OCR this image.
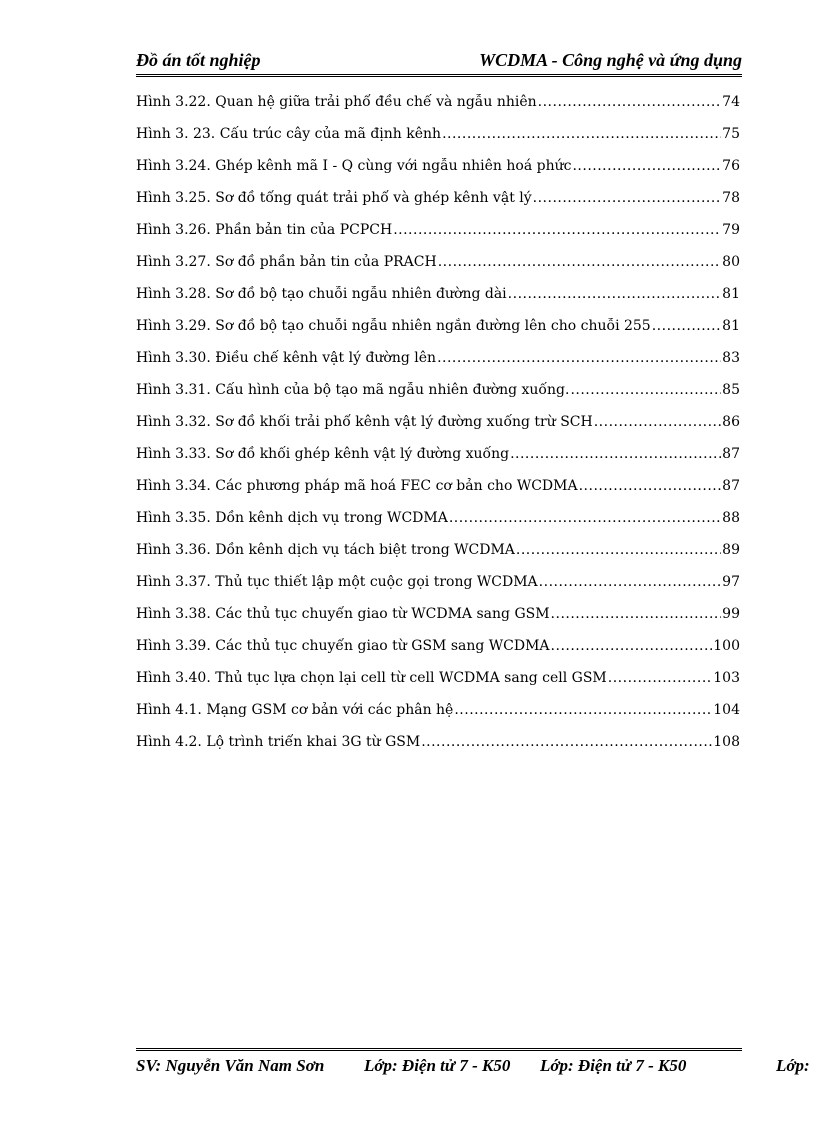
Đồ án tốt nghiệp	WCDMA - Công nghệ và ứng dụng
Hình 3.22. Quan hệ giữa trải phổ đều chế và ngẫu nhiên .....	74
Hình 3. 23. Cấu trúc cây của mã định kênh .....	75
Hình 3.24. Ghép kênh mã I - Q cùng với ngẫu nhiên hoá phức .....	76
Hình 3.25. Sơ đồ tổng quát trải phổ và ghép kênh vật lý .....	78
Hình 3.26. Phần bản tin của PCPCH .....	79
Hình 3.27. Sơ đồ phần bản tin của PRACH .....	80
Hình 3.28. Sơ đồ bộ tạo chuỗi ngẫu nhiên đường dài .....	81
Hình 3.29. Sơ đồ bộ tạo chuỗi ngẫu nhiên ngắn đường lên cho chuỗi 255 .....	81
Hình 3.30. Điều chế kênh vật lý đường lên .....	83
Hình 3.31. Cấu hình của bộ tạo mã ngẫu nhiên đường xuống. .....	85
Hình 3.32. Sơ đồ khối trải phổ kênh vật lý đường xuống trừ SCH .....	86
Hình 3.33. Sơ đồ khối ghép kênh vật lý đường xuống .....	87
Hình 3.34. Các phương pháp mã hoá FEC cơ bản cho WCDMA .....	87
Hình 3.35. Dồn kênh dịch vụ trong WCDMA .....	88
Hình 3.36. Dồn kênh dịch vụ tách biệt trong WCDMA .....	89
Hình 3.37. Thủ tục thiết lập một cuộc gọi trong WCDMA .....	97
Hình 3.38. Các thủ tục chuyển giao từ WCDMA sang GSM .....	99
Hình 3.39. Các thủ tục chuyển giao từ GSM sang WCDMA .....	100
Hình 3.40. Thủ tục lựa chọn lại cell từ cell WCDMA sang cell GSM .....	103
Hình 4.1. Mạng GSM cơ bản với các phân hệ .....	104
Hình 4.2. Lộ trình triển khai 3G từ GSM .....	108
SV: Nguyễn Văn Nam Sơn Lớp: Điện tử 7 - K50 Lớp: Điện tử 7 - K50	Lớp:
